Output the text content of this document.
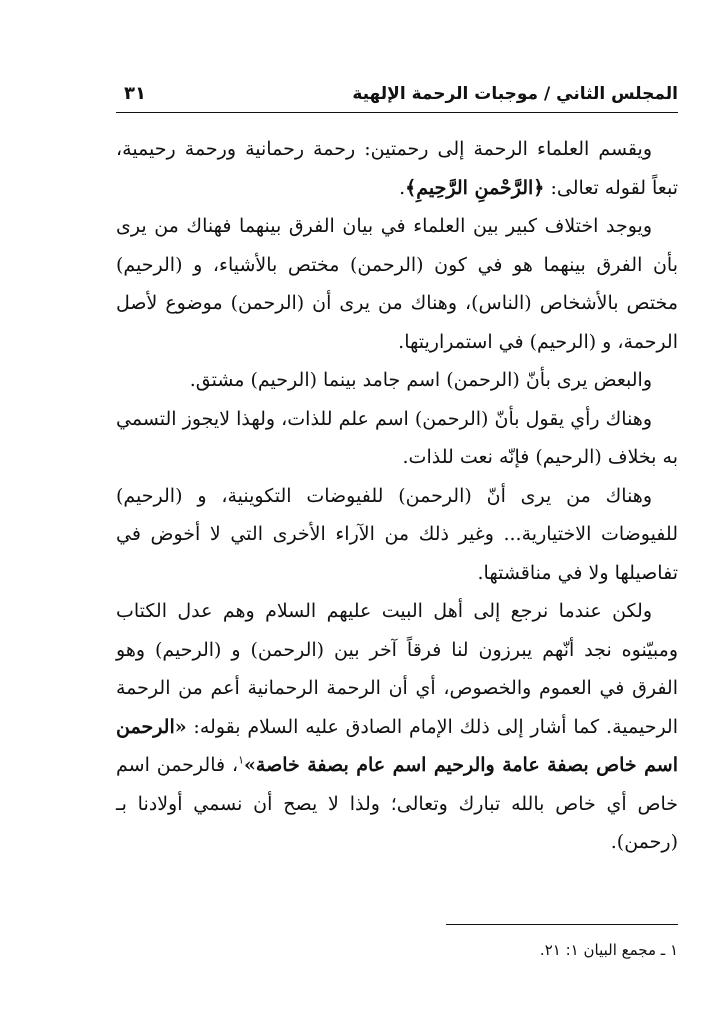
المجلس الثاني / موجبات الرحمة الإلهية
٣١

ويقسم العلماء الرحمة إلى رحمتين: رحمة رحمانية ورحمة رحيمية، تبعاً لقوله تعالى: ﴿الرَّحْمنِ الرَّحِيمِ﴾.

ويوجد اختلاف كبير بين العلماء في بيان الفرق بينهما فهناك من يرى بأن الفرق بينهما هو في كون (الرحمن) مختص بالأشياء، و (الرحيم) مختص بالأشخاص (الناس)، وهناك من يرى أن (الرحمن) موضوع لأصل الرحمة، و (الرحيم) في استمراريتها.

والبعض يرى بأنّ (الرحمن) اسم جامد بينما (الرحيم) مشتق.

وهناك رأي يقول بأنّ (الرحمن) اسم علم للذات، ولهذا لايجوز التسمي به بخلاف (الرحيم) فإنّه نعت للذات.

وهناك من يرى أنّ (الرحمن) للفيوضات التكوينية، و (الرحيم) للفيوضات الاختيارية... وغير ذلك من الآراء الأخرى التي لا أخوض في تفاصيلها ولا في مناقشتها.

ولكن عندما نرجع إلى أهل البيت عليهم السلام وهم عدل الكتاب ومبيّنوه نجد أنّهم يبرزون لنا فرقاً آخر بين (الرحمن) و (الرحيم) وهو الفرق في العموم والخصوص، أي أن الرحمة الرحمانية أعم من الرحمة الرحيمية. كما أشار إلى ذلك الإمام الصادق عليه السلام بقوله: «الرحمن اسم خاص بصفة عامة والرحيم اسم عام بصفة خاصة»$^١$، فالرحمن اسم خاص أي خاص بالله تبارك وتعالى؛ ولذا لا يصح أن نسمي أولادنا بـ (رحمن).

١ ـ مجمع البيان ١: ٢١.
